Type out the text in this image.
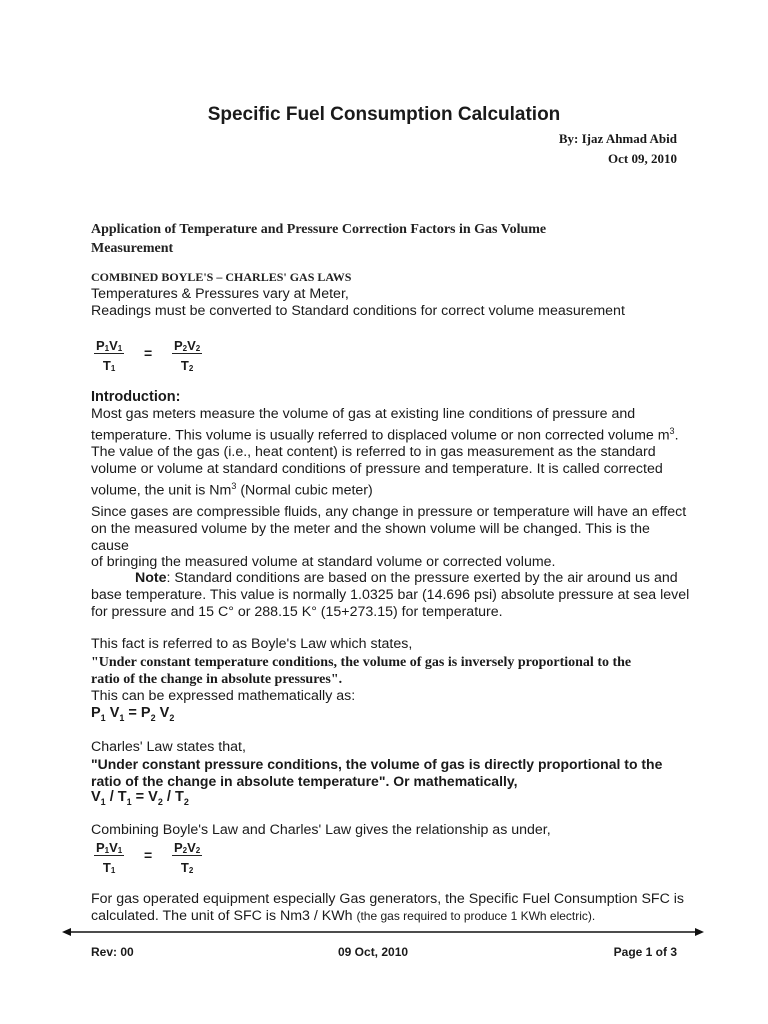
Specific Fuel Consumption Calculation
By: Ijaz Ahmad Abid
Oct 09, 2010
Application of Temperature and Pressure Correction Factors in Gas Volume
Measurement
COMBINED BOYLE'S – CHARLES' GAS LAWS
Temperatures & Pressures vary at Meter,
Readings must be converted to Standard conditions for correct volume measurement
$\frac{P_1V_1}{T_1} = \frac{P_2V_2}{T_2}$
Introduction:
Most gas meters measure the volume of gas at existing line conditions of pressure and
temperature. This volume is usually referred to displaced volume or non corrected volume $m^3$.
The value of the gas (i.e., heat content) is referred to in gas measurement as the standard
volume or volume at standard conditions of pressure and temperature. It is called corrected
volume, the unit is Nm$^3$ (Normal cubic meter)
Since gases are compressible fluids, any change in pressure or temperature will have an effect
on the measured volume by the meter and the shown volume will be changed. This is the cause
of bringing the measured volume at standard volume or corrected volume.
Note: Standard conditions are based on the pressure exerted by the air around us and
base temperature. This value is normally 1.0325 bar (14.696 psi) absolute pressure at sea level
for pressure and 15 C° or 288.15 K° (15+273.15) for temperature.
This fact is referred to as Boyle's Law which states,
"Under constant temperature conditions, the volume of gas is inversely proportional to the
ratio of the change in absolute pressures".
This can be expressed mathematically as:
$P_1$ $V_1 = P_2$ $V_2$
Charles' Law states that,
"Under constant pressure conditions, the volume of gas is directly proportional to the
ratio of the change in absolute temperature". Or mathematically,
$V_1 / T_1 = V_2 / T_2$
Combining Boyle's Law and Charles' Law gives the relationship as under,
$\frac{P_1V_1}{T_1} = \frac{P_2V_2}{T_2}$
For gas operated equipment especially Gas generators, the Specific Fuel Consumption SFC is
calculated. The unit of SFC is Nm3 / KWh (the gas required to produce 1 KWh electric).
Rev: 00	09 Oct, 2010	Page 1 of 3
